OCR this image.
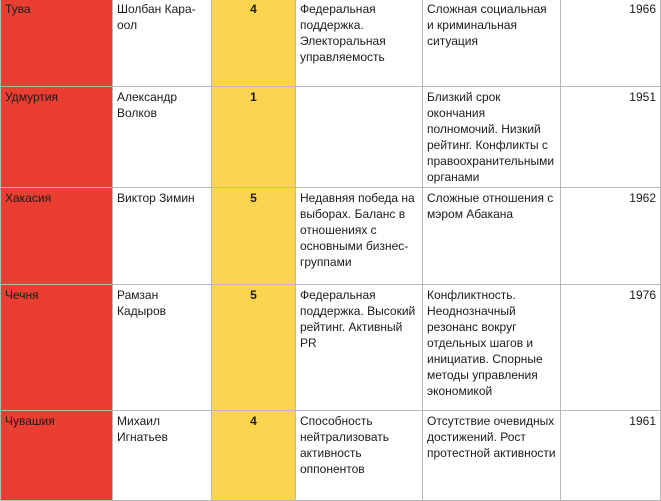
Тува	Шолбан Кара-оол	4	Федеральная поддержка. Электоральная управляемость	Сложная социальная и криминальная ситуация	1966
Удмуртия	Александр Волков	1		Близкий срок окончания полномочий. Низкий рейтинг. Конфликты с правоохранительными органами	1951
Хакасия	Виктор Зимин	5	Недавняя победа на выборах. Баланс в отношениях с основными бизнес-группами	Сложные отношения с мэром Абакана	1962
Чечня	Рамзан Кадыров	5	Федеральная поддержка. Высокий рейтинг. Активный PR	Конфликтность. Неоднозначный резонанс вокруг отдельных шагов и инициатив. Спорные методы управления экономикой	1976
Чувашия	Михаил Игнатьев	4	Способность нейтрализовать активность оппонентов	Отсутствие очевидных достижений. Рост протестной активности	1961
